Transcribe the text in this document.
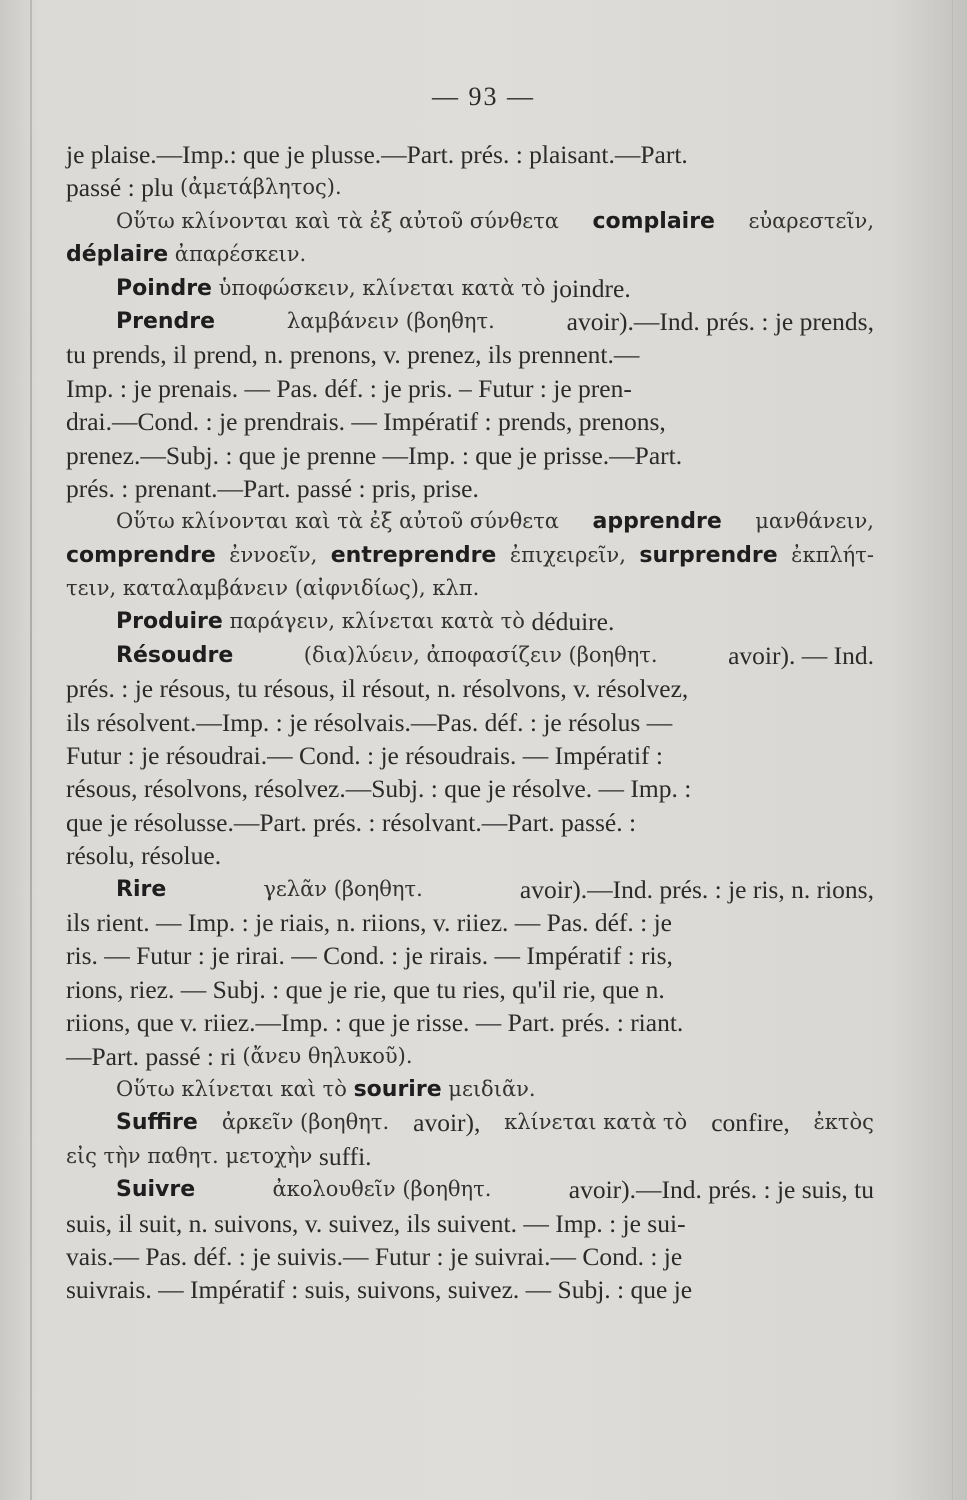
— 93 —
je plaise.—Imp.: que je plusse.—Part. prés. : plaisant.—Part.
passé : plu (ἀμετάβλητος).
Οὕτω κλίνονται καὶ τὰ ἐξ αὐτοῦ σύνθετα complaire εὐαρεστεῖν,
déplaire ἀπαρέσκειν.
Poindre ὑποφώσκειν, κλίνεται κατὰ τὸ joindre.
Prendre	λαμβάνειν (βοηθητ.	avoir).—Ind. prés. : je prends,
tu prends, il prend, n. prenons, v. prenez, ils prennent.—
Imp. : je prenais. — Pas. déf. : je pris. – Futur : je pren-
drai.—Cond. : je prendrais. — Impératif : prends, prenons,
prenez.—Subj. : que je prenne —Imp. : que je prisse.—Part.
prés. : prenant.—Part. passé : pris, prise.
Οὕτω κλίνονται καὶ τὰ ἐξ αὐτοῦ σύνθετα apprendre μανθάνειν,
comprendre ἐννοεῖν, entreprendre ἐπιχειρεῖν, surprendre ἐκπλήτ-
τειν, καταλαμβάνειν (αἰφνιδίως), κλπ.
Produire παράγειν, κλίνεται κατὰ τὸ déduire.
Résoudre	(δια)λύειν, ἀποφασίζειν (βοηθητ.	avoir). — Ind.
prés. : je résous, tu résous, il résout, n. résolvons, v. résolvez,
ils résolvent.—Imp. : je résolvais.—Pas. déf. : je résolus —
Futur : je résoudrai.— Cond. : je résoudrais. — Impératif :
résous, résolvons, résolvez.—Subj. : que je résolve. — Imp. :
que je résolusse.—Part. prés. : résolvant.—Part. passé. :
résolu, résolue.
Rire	γελᾶν (βοηθητ.	avoir).—Ind. prés. : je ris, n. rions,
ils rient. — Imp. : je riais, n. riions, v. riiez. — Pas. déf. : je
ris. — Futur : je rirai. — Cond. : je rirais. — Impératif : ris,
rions, riez. — Subj. : que je rie, que tu ries, qu'il rie, que n.
riions, que v. riiez.—Imp. : que je risse. — Part. prés. : riant.
—Part. passé : ri (ἄνευ θηλυκοῦ).
Οὕτω κλίνεται καὶ τὸ sourire μειδιᾶν.
Suffire ἀρκεῖν (βοηθητ. avoir), κλίνεται κατὰ τὸ confire, ἐκτὸς
εἰς τὴν παθητ. μετοχὴν suffi.
Suivre	ἀκολουθεῖν (βοηθητ.	avoir).—Ind. prés. : je suis, tu
suis, il suit, n. suivons, v. suivez, ils suivent. — Imp. : je sui-
vais.— Pas. déf. : je suivis.— Futur : je suivrai.— Cond. : je
suivrais. — Impératif : suis, suivons, suivez. — Subj. : que je
